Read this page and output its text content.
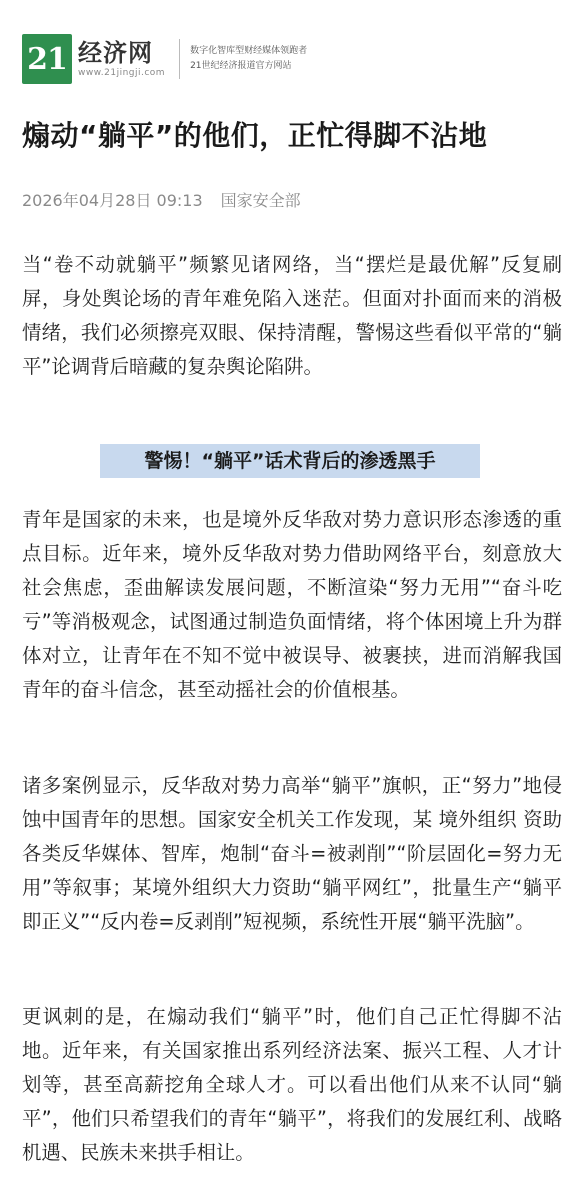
21 经济网
www.21jingji.com
数字化智库型财经媒体领跑者
21世纪经济报道官方网站
煽动“躺平”的他们，正忙得脚不沾地
2026年04月28日 09:13 国家安全部

当“卷不动就躺平”频繁见诸网络，当“摆烂是最优解”反复刷屏，身处舆论场的青年难免陷入迷茫。但面对扑面而来的消极情绪，我们必须擦亮双眼、保持清醒，警惕这些看似平常的“躺平”论调背后暗藏的复杂舆论陷阱。

警惕！“躺平”话术背后的渗透黑手

青年是国家的未来，也是境外反华敌对势力意识形态渗透的重点目标。近年来，境外反华敌对势力借助网络平台，刻意放大社会焦虑，歪曲解读发展问题，不断渲染“努力无用”“奋斗吃亏”等消极观念，试图通过制造负面情绪，将个体困境上升为群体对立，让青年在不知不觉中被误导、被裹挟，进而消解我国青年的奋斗信念，甚至动摇社会的价值根基。

诸多案例显示，反华敌对势力高举“躺平”旗帜，正“努力”地侵蚀中国青年的思想。国家安全机关工作发现，某 境外组织 资助各类反华媒体、智库，炮制“奋斗=被剥削”“阶层固化=努力无用”等叙事；某境外组织大力资助“躺平网红”，批量生产“躺平即正义”“反内卷=反剥削”短视频，系统性开展“躺平洗脑”。

更讽刺的是，在煽动我们“躺平”时，他们自己正忙得脚不沾地。近年来，有关国家推出系列经济法案、振兴工程、人才计划等，甚至高薪挖角全球人才。可以看出他们从来不认同“躺平”，他们只希望我们的青年“躺平”，将我们的发展红利、战略机遇、民族未来拱手相让。
